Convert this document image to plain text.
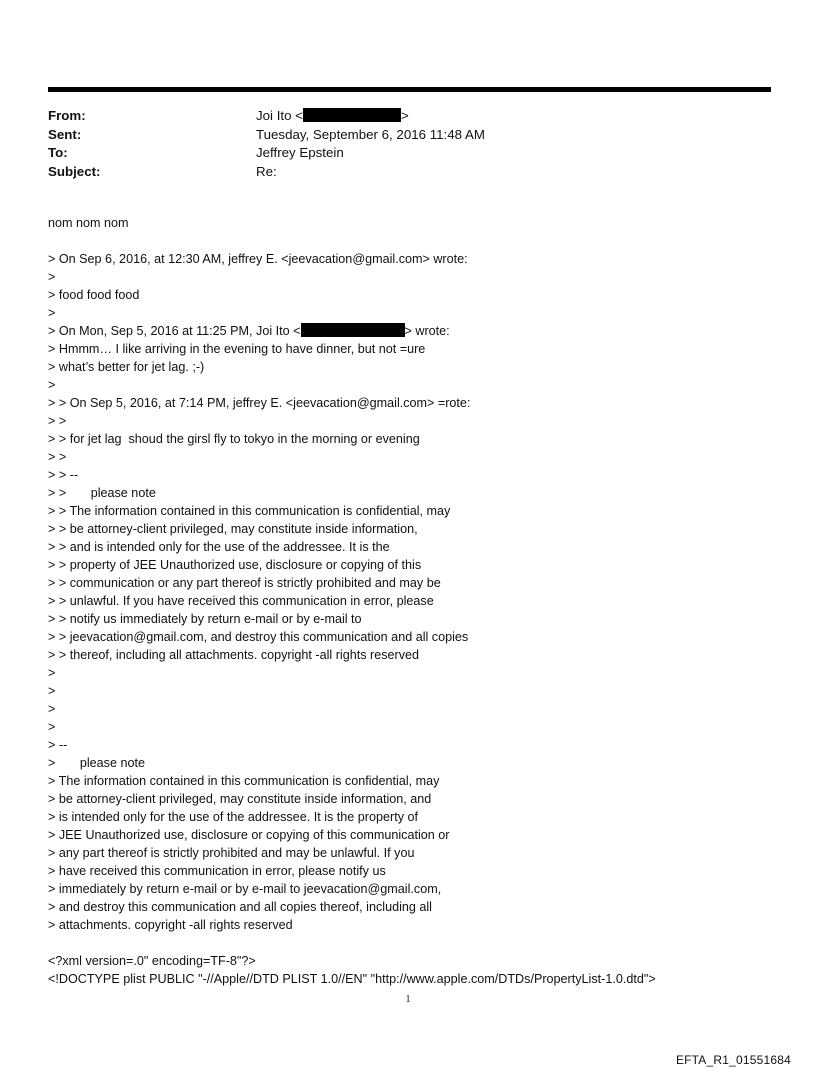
From:	Joi Ito <	>
Sent:	Tuesday, September 6, 2016 11:48 AM
To:	Jeffrey Epstein
Subject:	Re:
nom nom nom
> On Sep 6, 2016, at 12:30 AM, jeffrey E. <jeevacation@gmail.com> wrote:
>
> food food food
>
> On Mon, Sep 5, 2016 at 11:25 PM, Joi Ito <	> wrote:
> Hmmm… I like arriving in the evening to have dinner, but not =ure
> what’s better for jet lag. ;-)
>
> > On Sep 5, 2016, at 7:14 PM, jeffrey E. <jeevacation@gmail.com> =rote:
> >
> > for jet lag  shoud the girsl fly to tokyo in the morning or evening
> >
> > --
> >       please note
> > The information contained in this communication is confidential, may
> > be attorney-client privileged, may constitute inside information,
> > and is intended only for the use of the addressee. It is the
> > property of JEE Unauthorized use, disclosure or copying of this
> > communication or any part thereof is strictly prohibited and may be
> > unlawful. If you have received this communication in error, please
> > notify us immediately by return e-mail or by e-mail to
> > jeevacation@gmail.com, and destroy this communication and all copies
> > thereof, including all attachments. copyright -all rights reserved
>
>
>
>
> --
>       please note
> The information contained in this communication is confidential, may
> be attorney-client privileged, may constitute inside information, and
> is intended only for the use of the addressee. It is the property of
> JEE Unauthorized use, disclosure or copying of this communication or
> any part thereof is strictly prohibited and may be unlawful. If you
> have received this communication in error, please notify us
> immediately by return e-mail or by e-mail to jeevacation@gmail.com,
> and destroy this communication and all copies thereof, including all
> attachments. copyright -all rights reserved
<?xml version=.0" encoding=TF-8"?>
<!DOCTYPE plist PUBLIC "-//Apple//DTD PLIST 1.0//EN" "http://www.apple.com/DTDs/PropertyList-1.0.dtd">
1
EFTA_R1_01551684
